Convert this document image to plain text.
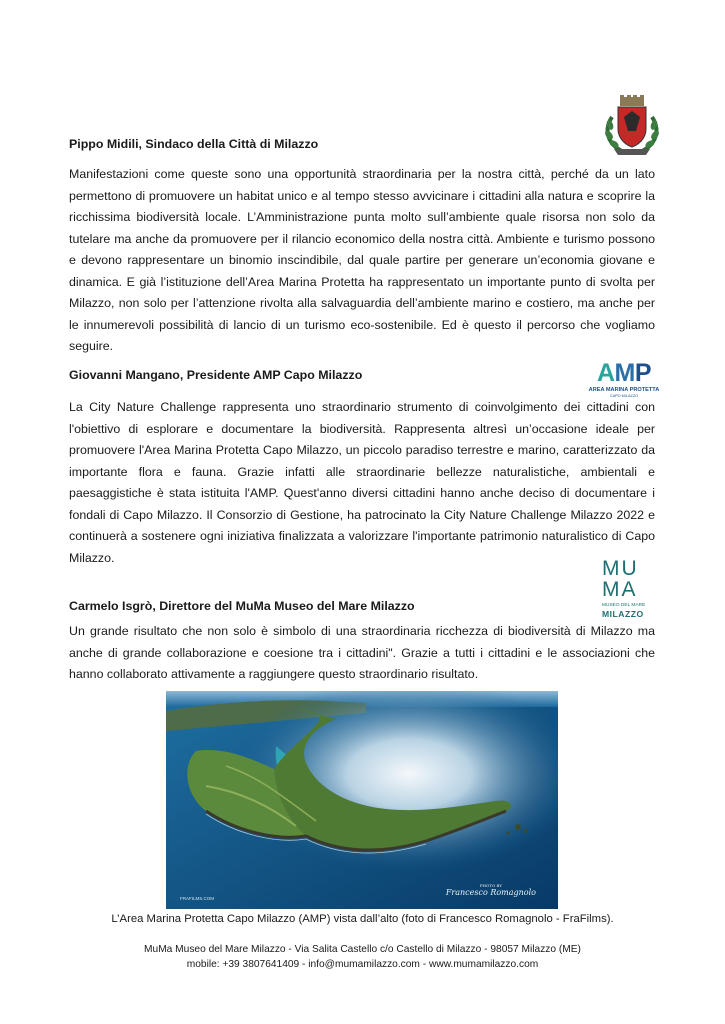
Pippo Midili, Sindaco della Città di Milazzo

Manifestazioni come queste sono una opportunità straordinaria per la nostra città, perché da un lato permettono di promuovere un habitat unico e al tempo stesso avvicinare i cittadini alla natura e scoprire la ricchissima biodiversità locale. L’Amministrazione punta molto sull’ambiente quale risorsa non solo da tutelare ma anche da promuovere per il rilancio economico della nostra città. Ambiente e turismo possono e devono rappresentare un binomio inscindibile, dal quale partire per generare un’economia giovane e dinamica. E già l’istituzione dell’Area Marina Protetta ha rappresentato un importante punto di svolta per Milazzo, non solo per l’attenzione rivolta alla salvaguardia dell’ambiente marino e costiero, ma anche per le innumerevoli possibilità di lancio di un turismo eco-sostenibile. Ed è questo il percorso che vogliamo seguire.

AMP
AREA MARINA PROTETTA
CAPO MILAZZO
Giovanni Mangano, Presidente AMP Capo Milazzo

La City Nature Challenge rappresenta uno straordinario strumento di coinvolgimento dei cittadini con l'obiettivo di esplorare e documentare la biodiversità. Rappresenta altresì un’occasione ideale per promuovere l'Area Marina Protetta Capo Milazzo, un piccolo paradiso terrestre e marino, caratterizzato da importante flora e fauna. Grazie infatti alle straordinarie bellezze naturalistiche, ambientali e paesaggistiche è stata istituita l'AMP. Quest'anno diversi cittadini hanno anche deciso di documentare i fondali di Capo Milazzo. Il Consorzio di Gestione, ha patrocinato la City Nature Challenge Milazzo 2022 e continuerà a sostenere ogni iniziativa finalizzata a valorizzare l'importante patrimonio naturalistico di Capo Milazzo.	MU
MA
MUSEO DEL MARE
MILAZZO
Carmelo Isgrò, Direttore del MuMa Museo del Mare Milazzo

Un grande risultato che non solo è simbolo di una straordinaria ricchezza di biodiversità di Milazzo ma anche di grande collaborazione e coesione tra i cittadini". Grazie a tutti i cittadini e le associazioni che hanno collaborato attivamente a raggiungere questo straordinario risultato.

FRAFILMS.COM
PHOTO BY
Francesco Romagnolo
L’Area Marina Protetta Capo Milazzo (AMP) vista dall’alto (foto di Francesco Romagnolo - FraFilms).
MuMa Museo del Mare Milazzo - Via Salita Castello c/o Castello di Milazzo - 98057 Milazzo (ME)
mobile: +39 3807641409 - info@mumamilazzo.com - www.mumamilazzo.com
